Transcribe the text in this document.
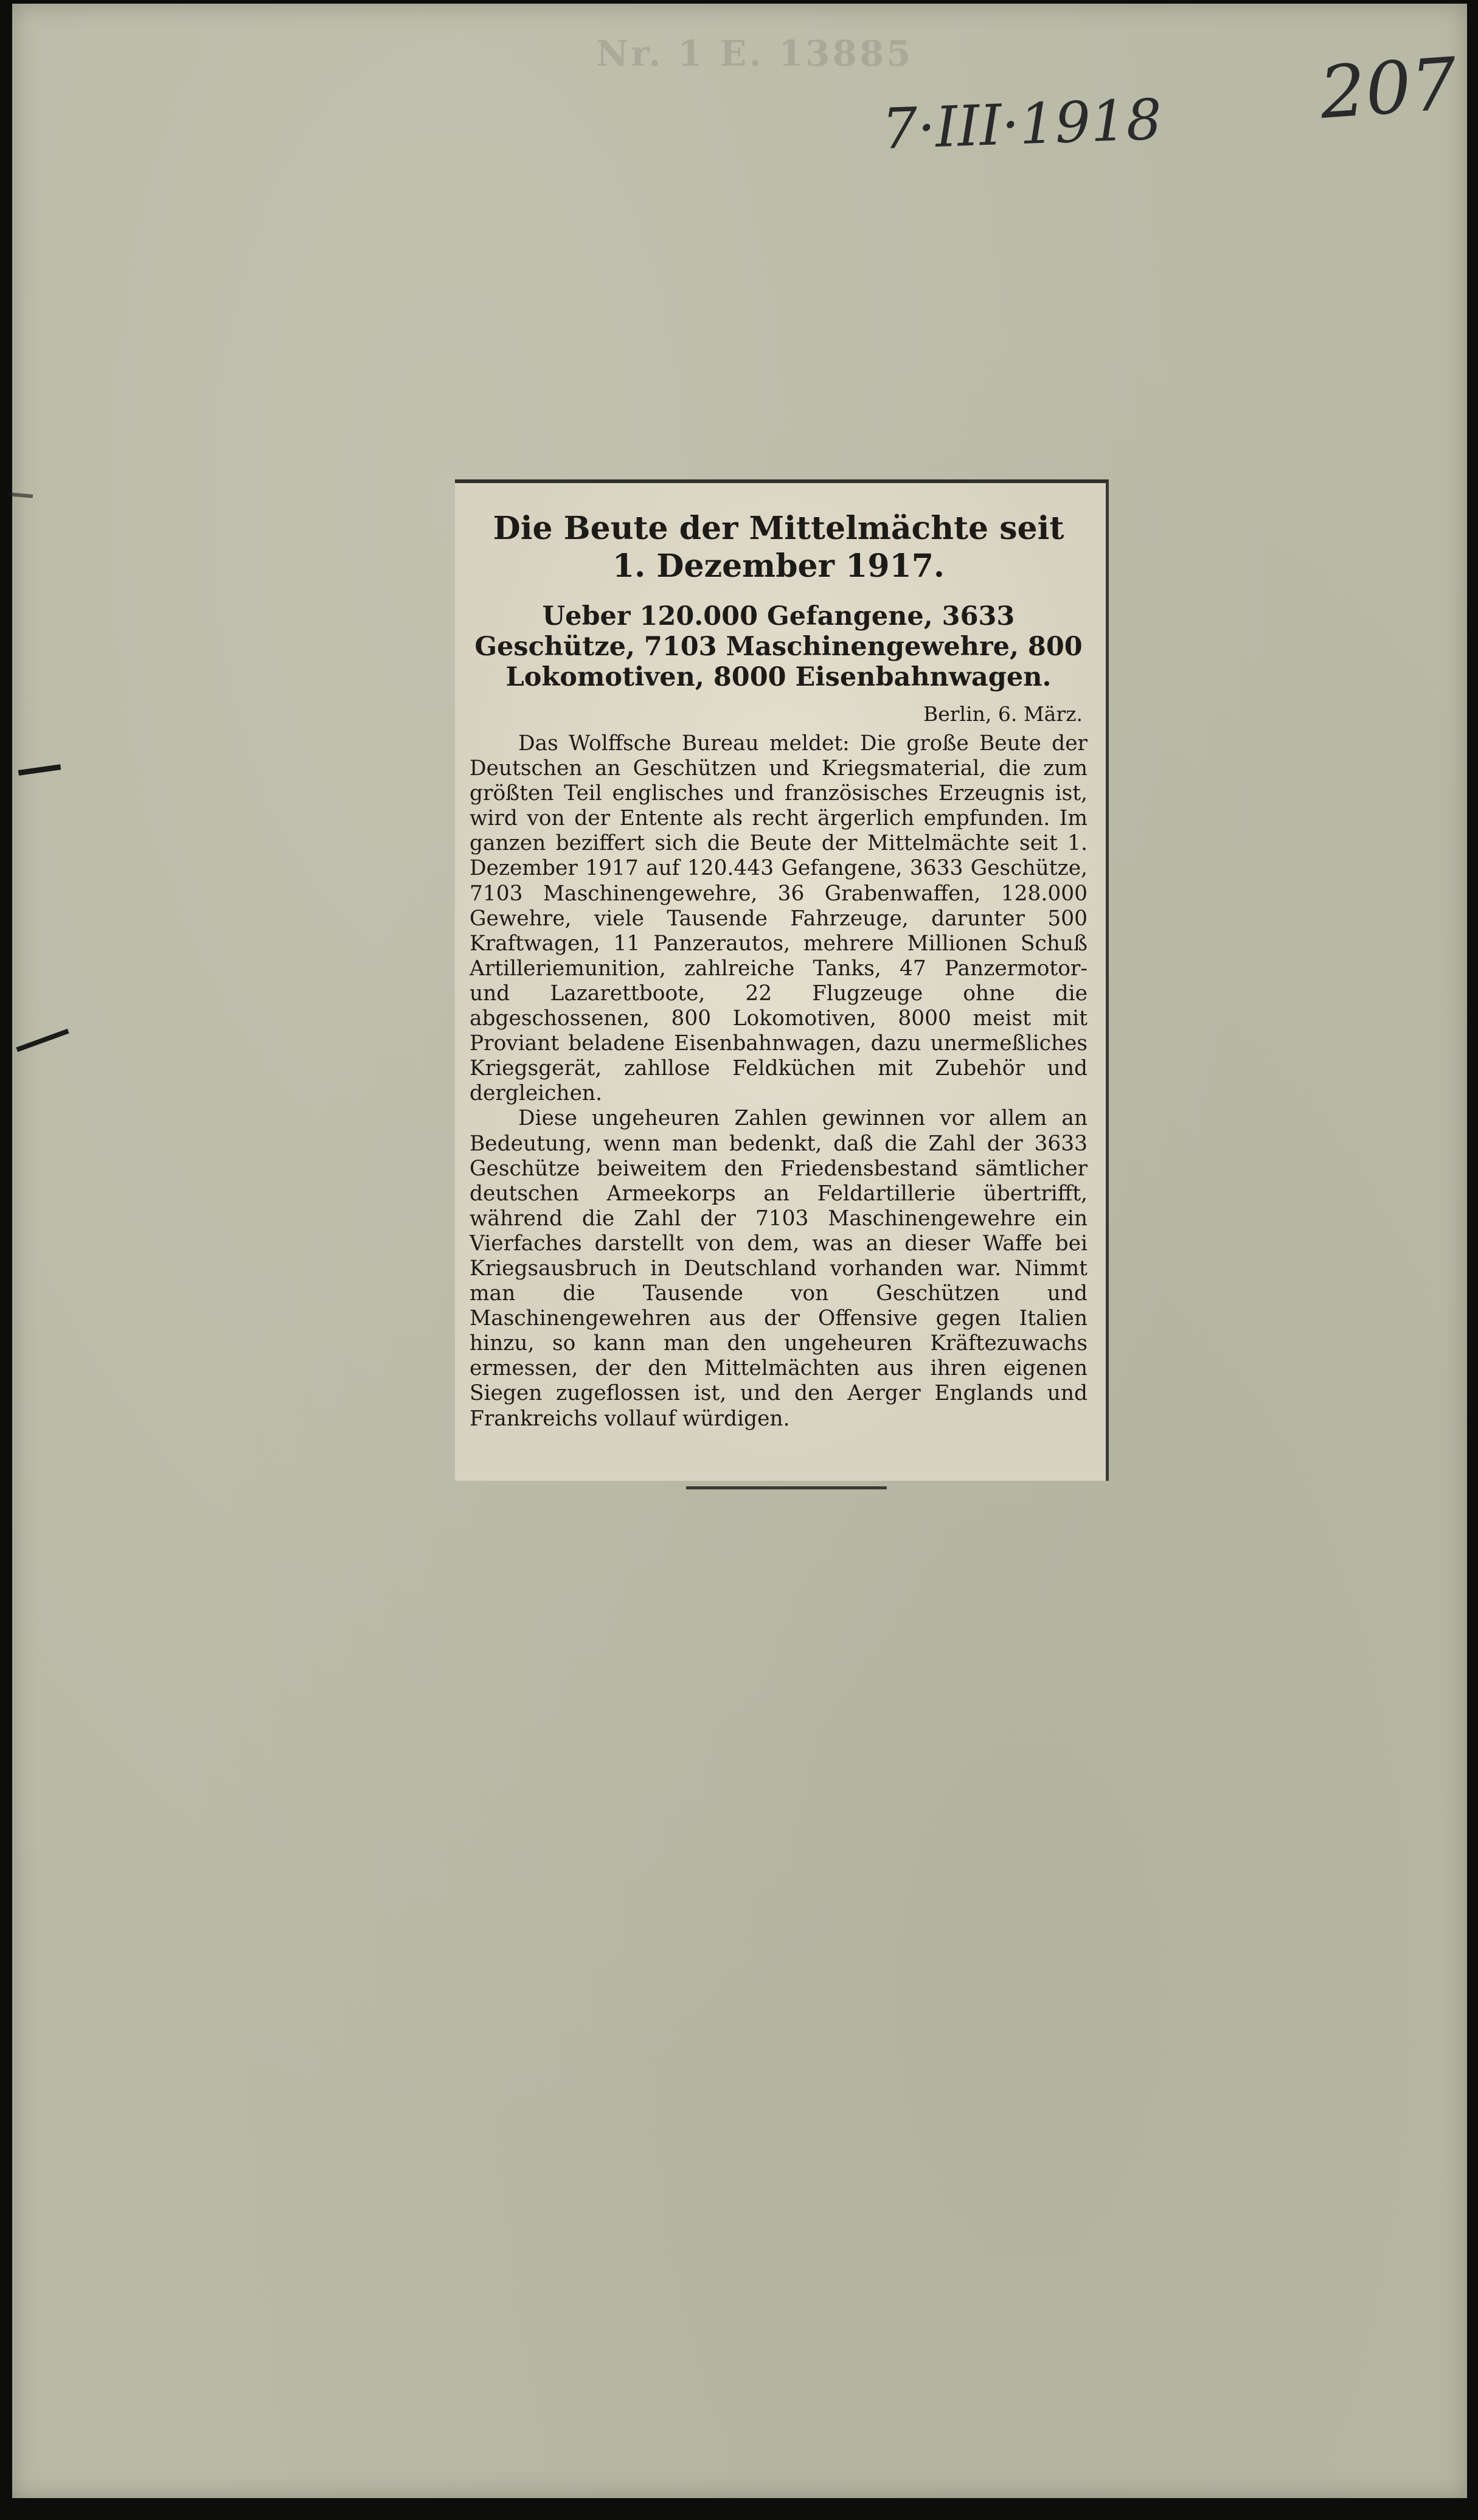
Nr. 1 E. 13885
7·III·1918 207

Die Beute der Mittelmächte seit

1. Dezember 1917.

Ueber 120.000 Gefangene, 3633 Geschütze, 7103 Maschinengewehre, 800 Lokomotiven, 8000 Eisenbahnwagen.

Berlin, 6. März.

Das Wolffsche Bureau meldet: Die große Beute der Deutschen an Geschützen und Kriegsmaterial, die zum größten Teil englisches und französisches Erzeugnis ist, wird von der Entente als recht ärgerlich empfunden. Im ganzen beziffert sich die Beute der Mittelmächte seit 1. Dezember 1917 auf 120.443 Gefangene, 3633 Geschütze, 7103 Maschinengewehre, 36 Grabenwaffen, 128.000 Gewehre, viele Tausende Fahrzeuge, darunter 500 Kraftwagen, 11 Panzerautos, mehrere Millionen Schuß Artilleriemunition, zahlreiche Tanks, 47 Panzermotor- und Lazarettboote, 22 Flugzeuge ohne die abgeschossenen, 800 Lokomotiven, 8000 meist mit Proviant beladene Eisenbahnwagen, dazu unermeßliches Kriegsgerät, zahllose Feldküchen mit Zubehör und dergleichen.

Diese ungeheuren Zahlen gewinnen vor allem an Bedeutung, wenn man bedenkt, daß die Zahl der 3633 Geschütze beiweitem den Friedensbestand sämtlicher deutschen Armeekorps an Feldartillerie übertrifft, während die Zahl der 7103 Maschinengewehre ein Vierfaches darstellt von dem, was an dieser Waffe bei Kriegsausbruch in Deutschland vorhanden war. Nimmt man die Tausende von Geschützen und Maschinengewehren aus der Offensive gegen Italien hinzu, so kann man den ungeheuren Kräftezuwachs ermessen, der den Mittelmächten aus ihren eigenen Siegen zugeflossen ist, und den Aerger Englands und Frankreichs vollauf würdigen.
